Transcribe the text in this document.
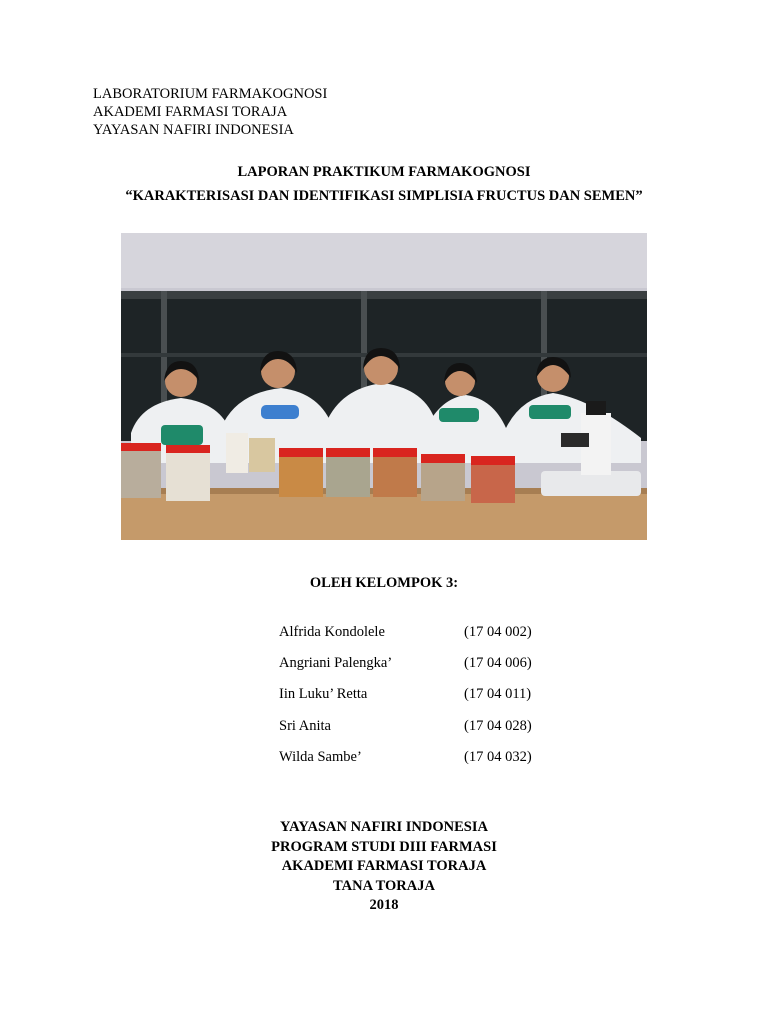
LABORATORIUM FARMAKOGNOSI
AKADEMI FARMASI TORAJA
YAYASAN NAFIRI INDONESIA
LAPORAN PRAKTIKUM FARMAKOGNOSI
“KARAKTERISASI DAN IDENTIFIKASI SIMPLISIA FRUCTUS DAN SEMEN”
OLEH KELOMPOK 3:
Alfrida Kondolele	(17 04 002)
Angriani Palengka’	(17 04 006)
Iin Luku’ Retta	(17 04 011)
Sri Anita	(17 04 028)
Wilda Sambe’	(17 04 032)
YAYASAN NAFIRI INDONESIA
PROGRAM STUDI DIII FARMASI
AKADEMI FARMASI TORAJA
TANA TORAJA
2018
